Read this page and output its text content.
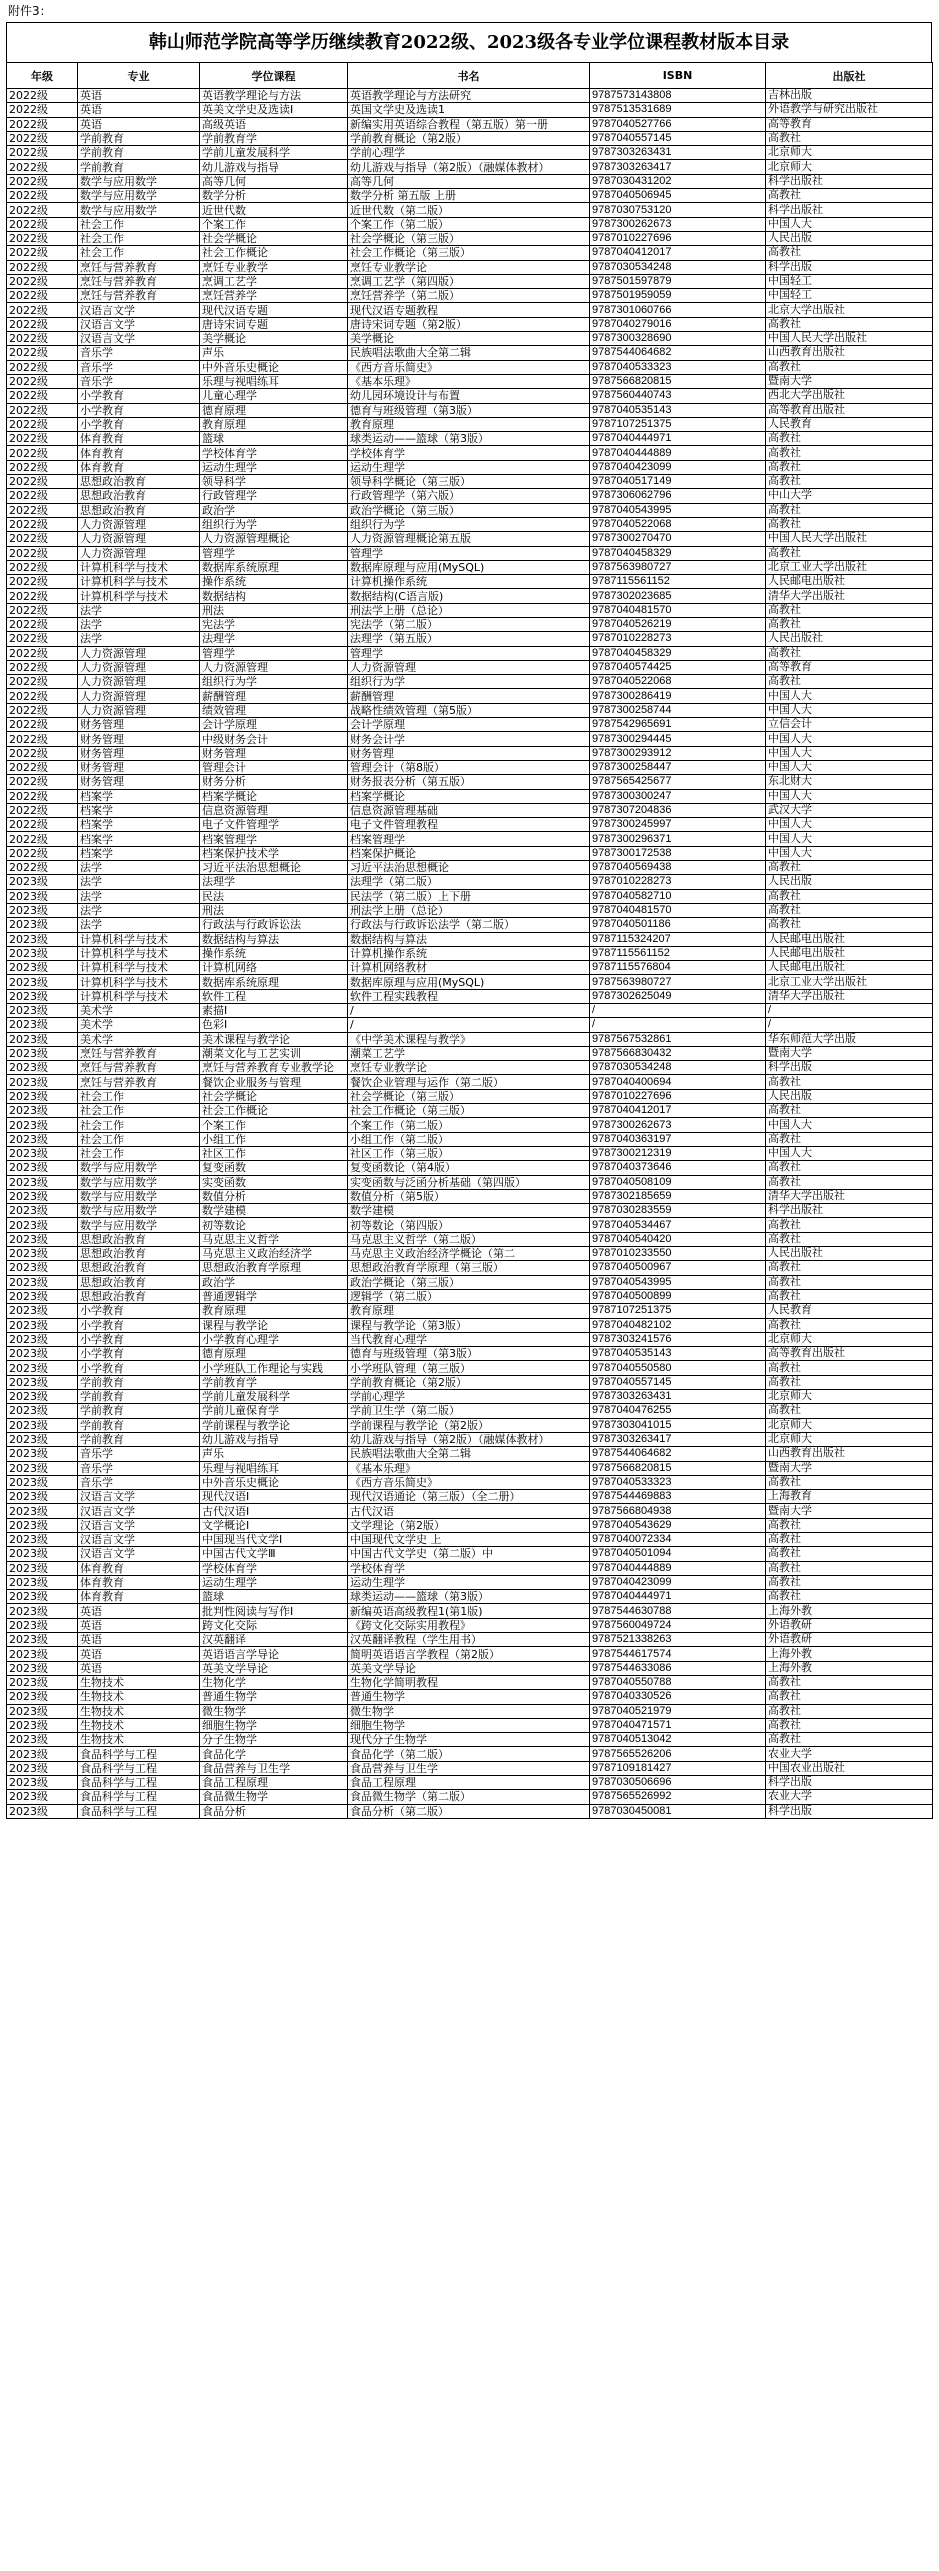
附件3：
韩山师范学院高等学历继续教育2022级、2023级各专业学位课程教材版本目录
年级	专业	学位课程	书名	ISBN	出版社
2022级	英语	英语教学理论与方法	英语教学理论与方法研究	9787573143808	吉林出版
2022级	英语	英美文学史及选读Ⅰ	英国文学史及选读1	9787513531689	外语教学与研究出版社
2022级	英语	高级英语	新编实用英语综合教程（第五版）第一册	9787040527766	高等教育
2022级	学前教育	学前教育学	学前教育概论（第2版）	9787040557145	高教社
2022级	学前教育	学前儿童发展科学	学前心理学	9787303263431	北京师大
2022级	学前教育	幼儿游戏与指导	幼儿游戏与指导（第2版）（融媒体教材）	9787303263417	北京师大
2022级	数学与应用数学	高等几何	高等几何	9787030431202	科学出版社
2022级	数学与应用数学	数学分析	数学分析 第五版 上册	9787040506945	高教社
2022级	数学与应用数学	近世代数	近世代数（第二版）	9787030753120	科学出版社
2022级	社会工作	个案工作	个案工作（第二版）	9787300262673	中国人大
2022级	社会工作	社会学概论	社会学概论（第三版）	9787010227696	人民出版
2022级	社会工作	社会工作概论	社会工作概论（第三版）	9787040412017	高教社
2022级	烹饪与营养教育	烹饪专业教学	烹饪专业教学论	9787030534248	科学出版
2022级	烹饪与营养教育	烹调工艺学	烹调工艺学（第四版）	9787501597879	中国轻工
2022级	烹饪与营养教育	烹饪营养学	烹饪营养学（第二版）	9787501959059	中国轻工
2022级	汉语言文学	现代汉语专题	现代汉语专题教程	9787301060766	北京大学出版社
2022级	汉语言文学	唐诗宋词专题	唐诗宋词专题（第2版）	9787040279016	高教社
2022级	汉语言文学	美学概论	美学概论	9787300328690	中国人民大学出版社
2022级	音乐学	声乐	民族唱法歌曲大全第二辑	9787544064682	山西教育出版社
2022级	音乐学	中外音乐史概论	《西方音乐简史》	9787040533323	高教社
2022级	音乐学	乐理与视唱练耳	《基本乐理》	9787566820815	暨南大学
2022级	小学教育	儿童心理学	幼儿园环境设计与布置	9787560440743	西北大学出版社
2022级	小学教育	德育原理	德育与班级管理（第3版）	9787040535143	高等教育出版社
2022级	小学教育	教育原理	教育原理	9787107251375	人民教育
2022级	体育教育	篮球	球类运动——篮球（第3版）	9787040444971	高教社
2022级	体育教育	学校体育学	学校体育学	9787040444889	高教社
2022级	体育教育	运动生理学	运动生理学	9787040423099	高教社
2022级	思想政治教育	领导科学	领导科学概论（第三版）	9787040517149	高教社
2022级	思想政治教育	行政管理学	行政管理学（第六版）	9787306062796	中山大学
2022级	思想政治教育	政治学	政治学概论（第三版）	9787040543995	高教社
2022级	人力资源管理	组织行为学	组织行为学	9787040522068	高教社
2022级	人力资源管理	人力资源管理概论	人力资源管理概论第五版	9787300270470	中国人民大学出版社
2022级	人力资源管理	管理学	管理学	9787040458329	高教社
2022级	计算机科学与技术	数据库系统原理	数据库原理与应用(MySQL)	9787563980727	北京工业大学出版社
2022级	计算机科学与技术	操作系统	计算机操作系统	9787115561152	人民邮电出版社
2022级	计算机科学与技术	数据结构	数据结构(C语言版)	9787302023685	清华大学出版社
2022级	法学	刑法	刑法学上册（总论）	9787040481570	高教社
2022级	法学	宪法学	宪法学（第二版）	9787040526219	高教社
2022级	法学	法理学	法理学（第五版）	9787010228273	人民出版社
2022级	人力资源管理	管理学	管理学	9787040458329	高教社
2022级	人力资源管理	人力资源管理	人力资源管理	9787040574425	高等教育
2022级	人力资源管理	组织行为学	组织行为学	9787040522068	高教社
2022级	人力资源管理	薪酬管理	薪酬管理	9787300286419	中国人大
2022级	人力资源管理	绩效管理	战略性绩效管理（第5版）	9787300258744	中国人大
2022级	财务管理	会计学原理	会计学原理	9787542965691	立信会计
2022级	财务管理	中级财务会计	财务会计学	9787300294445	中国人大
2022级	财务管理	财务管理	财务管理	9787300293912	中国人大
2022级	财务管理	管理会计	管理会计（第8版）	9787300258447	中国人大
2022级	财务管理	财务分析	财务报表分析（第五版）	9787565425677	东北财大
2022级	档案学	档案学概论	档案学概论	9787300300247	中国人大
2022级	档案学	信息资源管理	信息资源管理基础	9787307204836	武汉大学
2022级	档案学	电子文件管理学	电子文件管理教程	9787300245997	中国人大
2022级	档案学	档案管理学	档案管理学	9787300296371	中国人大
2022级	档案学	档案保护技术学	档案保护概论	9787300172538	中国人大
2022级	法学	习近平法治思想概论	习近平法治思想概论	9787040569438	高教社
2023级	法学	法理学	法理学（第二版）	9787010228273	人民出版
2023级	法学	民法	民法学（第二版）上下册	9787040582710	高教社
2023级	法学	刑法	刑法学上册（总论）	9787040481570	高教社
2023级	法学	行政法与行政诉讼法	行政法与行政诉讼法学（第二版）	9787040501186	高教社
2023级	计算机科学与技术	数据结构与算法	数据结构与算法	9787115324207	人民邮电出版社
2023级	计算机科学与技术	操作系统	计算机操作系统	9787115561152	人民邮电出版社
2023级	计算机科学与技术	计算机网络	计算机网络教材	9787115576804	人民邮电出版社
2023级	计算机科学与技术	数据库系统原理	数据库原理与应用(MySQL)	9787563980727	北京工业大学出版社
2023级	计算机科学与技术	软件工程	软件工程实践教程	9787302625049	清华大学出版社
2023级	美术学	素描Ⅰ	/	/	/
2023级	美术学	色彩Ⅰ	/	/	/
2023级	美术学	美术课程与教学论	《中学美术课程与教学》	9787567532861	华东师范大学出版
2023级	烹饪与营养教育	潮菜文化与工艺实训	潮菜工艺学	9787566830432	暨南大学
2023级	烹饪与营养教育	烹饪与营养教育专业教学论	烹饪专业教学论	9787030534248	科学出版
2023级	烹饪与营养教育	餐饮企业服务与管理	餐饮企业管理与运作（第二版）	9787040400694	高教社
2023级	社会工作	社会学概论	社会学概论（第三版）	9787010227696	人民出版
2023级	社会工作	社会工作概论	社会工作概论（第三版）	9787040412017	高教社
2023级	社会工作	个案工作	个案工作（第二版）	9787300262673	中国人大
2023级	社会工作	小组工作	小组工作（第二版）	9787040363197	高教社
2023级	社会工作	社区工作	社区工作（第三版）	9787300212319	中国人大
2023级	数学与应用数学	复变函数	复变函数论（第4版）	9787040373646	高教社
2023级	数学与应用数学	实变函数	实变函数与泛函分析基础（第四版）	9787040508109	高教社
2023级	数学与应用数学	数值分析	数值分析（第5版）	9787302185659	清华大学出版社
2023级	数学与应用数学	数学建模	数学建模	9787030283559	科学出版社
2023级	数学与应用数学	初等数论	初等数论（第四版）	9787040534467	高教社
2023级	思想政治教育	马克思主义哲学	马克思主义哲学（第二版）	9787040540420	高教社
2023级	思想政治教育	马克思主义政治经济学	马克思主义政治经济学概论（第二	9787010233550	人民出版社
2023级	思想政治教育	思想政治教育学原理	思想政治教育学原理（第三版）	9787040500967	高教社
2023级	思想政治教育	政治学	政治学概论（第三版）	9787040543995	高教社
2023级	思想政治教育	普通逻辑学	逻辑学（第二版）	9787040500899	高教社
2023级	小学教育	教育原理	教育原理	9787107251375	人民教育
2023级	小学教育	课程与教学论	课程与教学论（第3版）	9787040482102	高教社
2023级	小学教育	小学教育心理学	当代教育心理学	9787303241576	北京师大
2023级	小学教育	德育原理	德育与班级管理（第3版）	9787040535143	高等教育出版社
2023级	小学教育	小学班队工作理论与实践	小学班队管理（第三版）	9787040550580	高教社
2023级	学前教育	学前教育学	学前教育概论（第2版）	9787040557145	高教社
2023级	学前教育	学前儿童发展科学	学前心理学	9787303263431	北京师大
2023级	学前教育	学前儿童保育学	学前卫生学（第二版）	9787040476255	高教社
2023级	学前教育	学前课程与教学论	学前课程与教学论（第2版）	9787303041015	北京师大
2023级	学前教育	幼儿游戏与指导	幼儿游戏与指导（第2版）（融媒体教材）	9787303263417	北京师大
2023级	音乐学	声乐	民族唱法歌曲大全第二辑	9787544064682	山西教育出版社
2023级	音乐学	乐理与视唱练耳	《基本乐理》	9787566820815	暨南大学
2023级	音乐学	中外音乐史概论	《西方音乐简史》	9787040533323	高教社
2023级	汉语言文学	现代汉语Ⅰ	现代汉语通论（第三版）（全二册）	9787544469883	上海教育
2023级	汉语言文学	古代汉语Ⅰ	古代汉语	9787566804938	暨南大学
2023级	汉语言文学	文学概论Ⅰ	文学理论（第2版）	9787040543629	高教社
2023级	汉语言文学	中国现当代文学Ⅰ	中国现代文学史 上	9787040072334	高教社
2023级	汉语言文学	中国古代文学Ⅲ	中国古代文学史（第二版）中	9787040501094	高教社
2023级	体育教育	学校体育学	学校体育学	9787040444889	高教社
2023级	体育教育	运动生理学	运动生理学	9787040423099	高教社
2023级	体育教育	篮球	球类运动——篮球（第3版）	9787040444971	高教社
2023级	英语	批判性阅读与写作Ⅰ	新编英语高级教程1(第1版)	9787544630788	上海外教
2023级	英语	跨文化交际	《跨文化交际实用教程》	9787560049724	外语教研
2023级	英语	汉英翻译	汉英翻译教程（学生用书）	9787521338263	外语教研
2023级	英语	英语语言学导论	简明英语语言学教程（第2版）	9787544617574	上海外教
2023级	英语	英美文学导论	英美文学导论	9787544633086	上海外教
2023级	生物技术	生物化学	生物化学简明教程	9787040550788	高教社
2023级	生物技术	普通生物学	普通生物学	9787040330526	高教社
2023级	生物技术	微生物学	微生物学	9787040521979	高教社
2023级	生物技术	细胞生物学	细胞生物学	9787040471571	高教社
2023级	生物技术	分子生物学	现代分子生物学	9787040513042	高教社
2023级	食品科学与工程	食品化学	食品化学（第二版）	9787565526206	农业大学
2023级	食品科学与工程	食品营养与卫生学	食品营养与卫生学	9787109181427	中国农业出版社
2023级	食品科学与工程	食品工程原理	食品工程原理	9787030506696	科学出版
2023级	食品科学与工程	食品微生物学	食品微生物学（第二版）	9787565526992	农业大学
2023级	食品科学与工程	食品分析	食品分析（第二版）	9787030450081	科学出版
